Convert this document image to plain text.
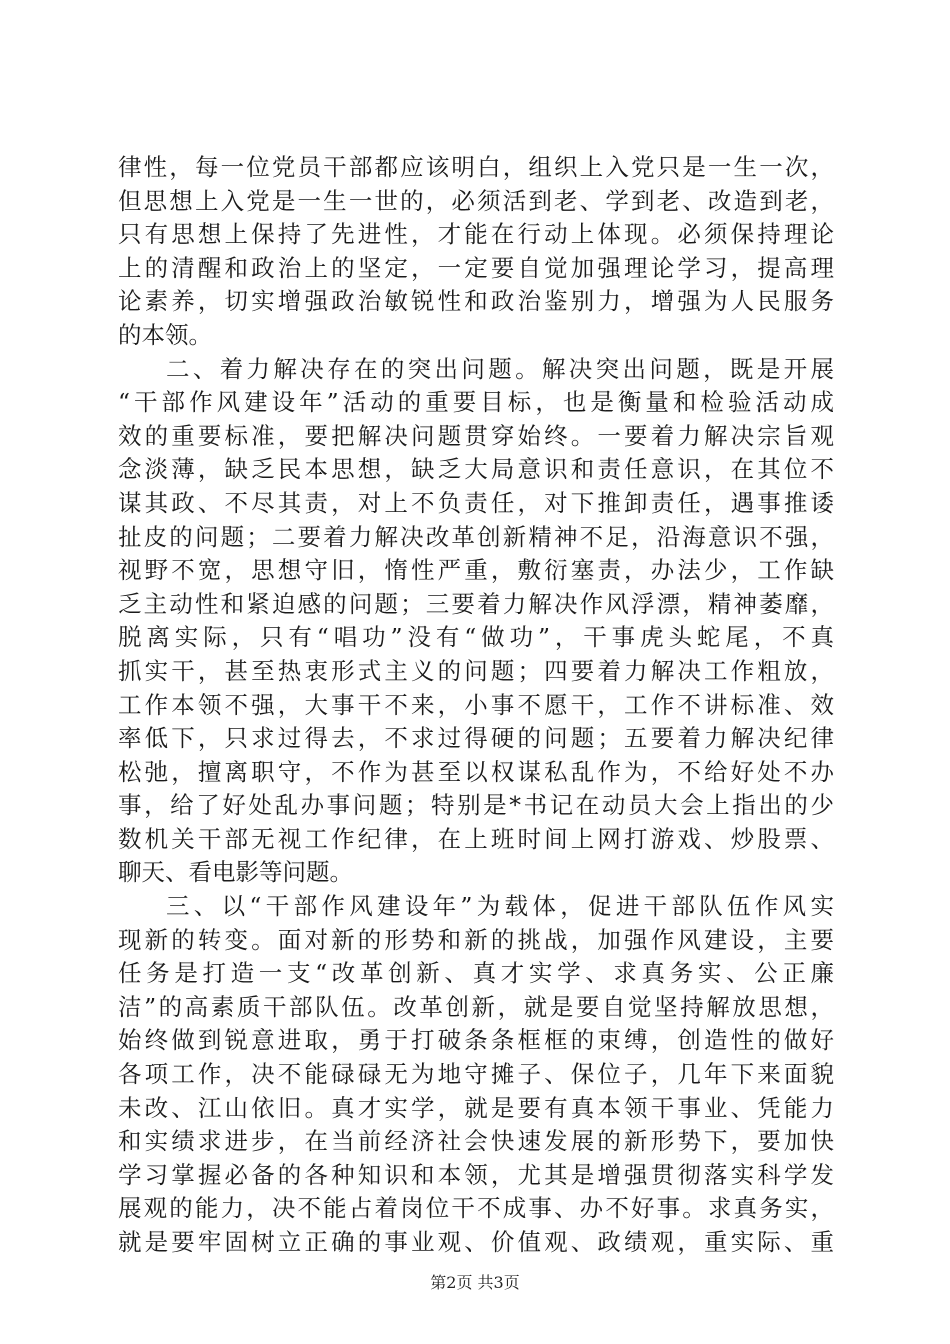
律性，每一位党员干部都应该明白，组织上入党只是一生一次，
但思想上入党是一生一世的，必须活到老、学到老、改造到老，
只有思想上保持了先进性，才能在行动上体现。必须保持理论
上的清醒和政治上的坚定，一定要自觉加强理论学习，提高理
论素养，切实增强政治敏锐性和政治鉴别力，增强为人民服务
的本领。
二、着力解决存在的突出问题。解决突出问题，既是开展
“干部作风建设年”活动的重要目标，也是衡量和检验活动成
效的重要标准，要把解决问题贯穿始终。一要着力解决宗旨观
念淡薄，缺乏民本思想，缺乏大局意识和责任意识，在其位不
谋其政、不尽其责，对上不负责任，对下推卸责任，遇事推诿
扯皮的问题；二要着力解决改革创新精神不足，沿海意识不强，
视野不宽，思想守旧，惰性严重，敷衍塞责，办法少，工作缺
乏主动性和紧迫感的问题；三要着力解决作风浮漂，精神萎靡，
脱离实际，只有“唱功”没有“做功”，干事虎头蛇尾，不真
抓实干，甚至热衷形式主义的问题；四要着力解决工作粗放，
工作本领不强，大事干不来，小事不愿干，工作不讲标准、效
率低下，只求过得去，不求过得硬的问题；五要着力解决纪律
松弛，擅离职守，不作为甚至以权谋私乱作为，不给好处不办
事，给了好处乱办事问题；特别是*书记在动员大会上指出的少
数机关干部无视工作纪律，在上班时间上网打游戏、炒股票、
聊天、看电影等问题。
三、以“干部作风建设年”为载体，促进干部队伍作风实
现新的转变。面对新的形势和新的挑战，加强作风建设，主要
任务是打造一支“改革创新、真才实学、求真务实、公正廉
洁”的高素质干部队伍。改革创新，就是要自觉坚持解放思想，
始终做到锐意进取，勇于打破条条框框的束缚，创造性的做好
各项工作，决不能碌碌无为地守摊子、保位子，几年下来面貌
未改、江山依旧。真才实学，就是要有真本领干事业、凭能力
和实绩求进步，在当前经济社会快速发展的新形势下，要加快
学习掌握必备的各种知识和本领，尤其是增强贯彻落实科学发
展观的能力，决不能占着岗位干不成事、办不好事。求真务实，
就是要牢固树立正确的事业观、价值观、政绩观，重实际、重
第2页 共3页
